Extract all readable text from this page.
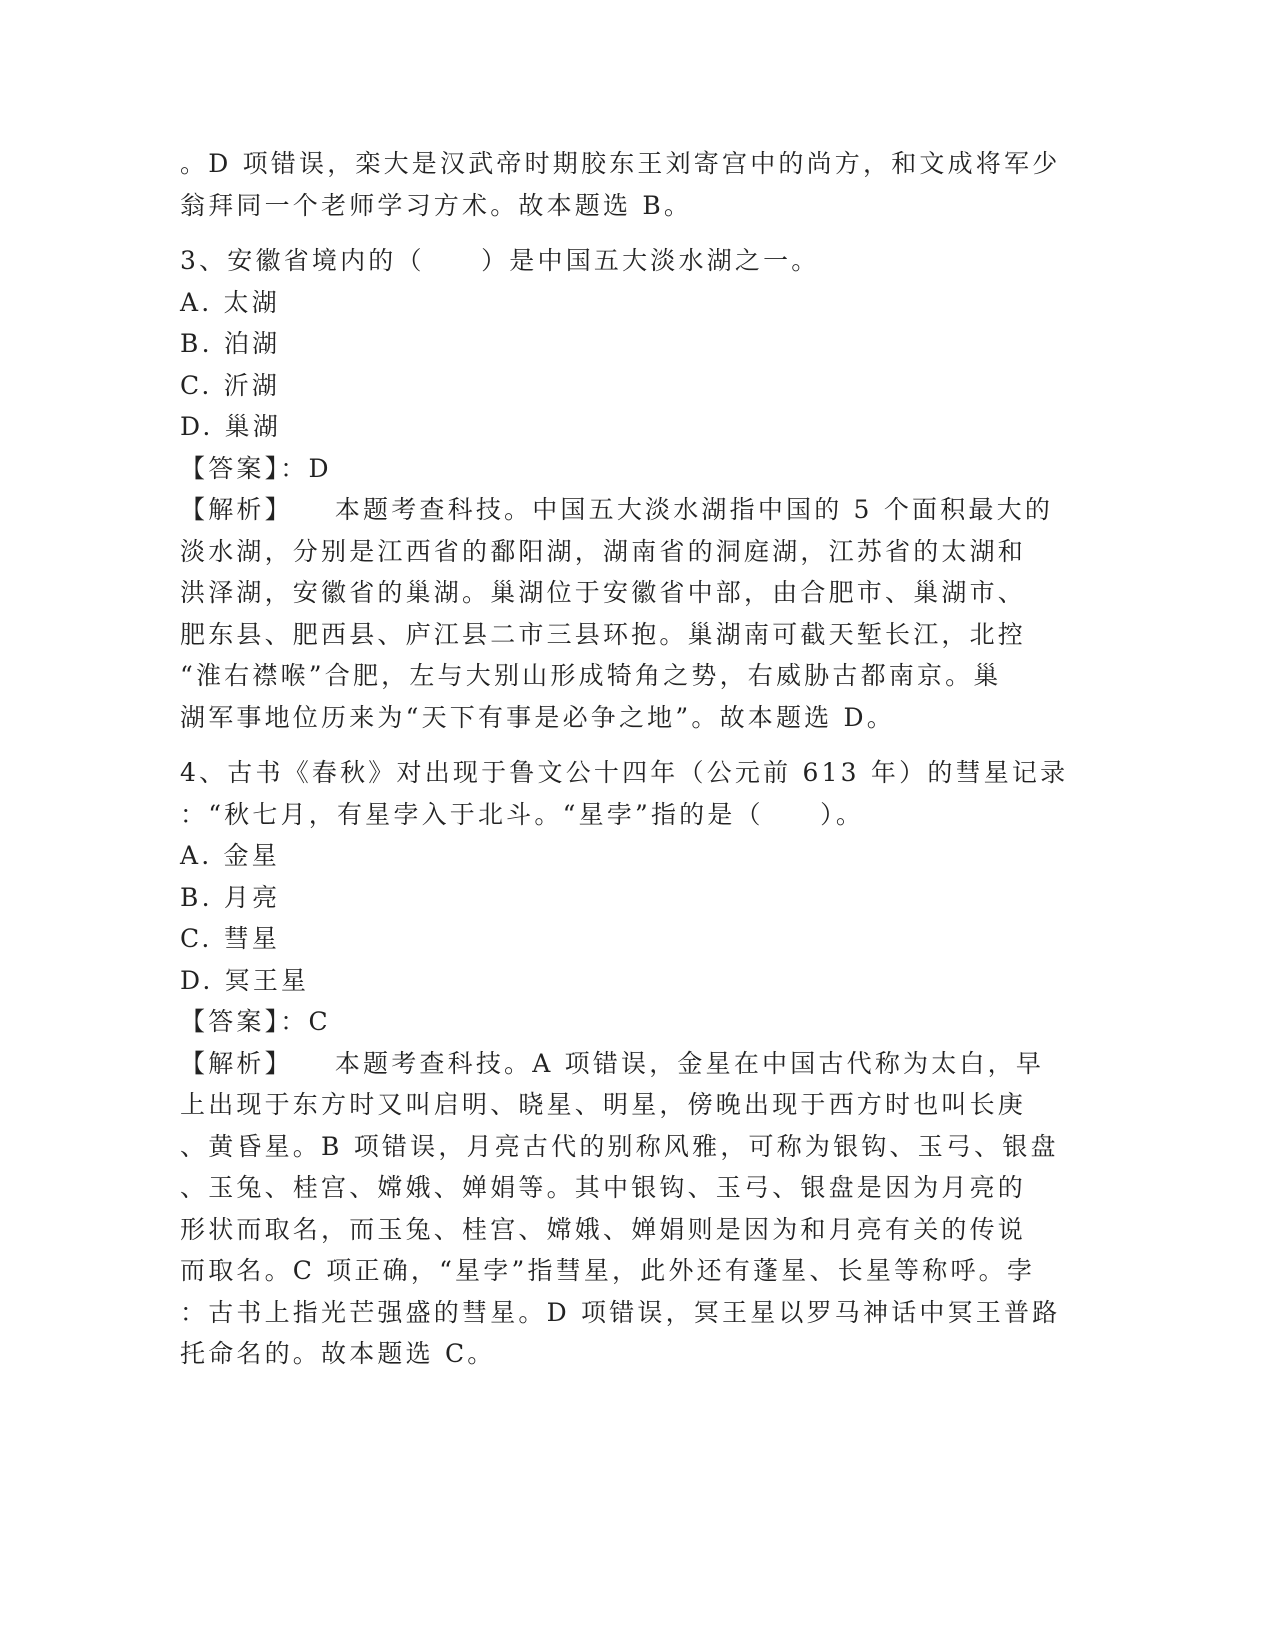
。D 项错误，栾大是汉武帝时期胶东王刘寄宫中的尚方，和文成将军少

翁拜同一个老师学习方术。故本题选 B。

3、安徽省境内的（　　）是中国五大淡水湖之一。

A. 太湖

B. 泊湖

C. 沂湖

D. 巢湖

【答案】：D

【解析】 本题考查科技。中国五大淡水湖指中国的 5 个面积最大的

淡水湖，分别是江西省的鄱阳湖，湖南省的洞庭湖，江苏省的太湖和

洪泽湖，安徽省的巢湖。巢湖位于安徽省中部，由合肥市、巢湖市、

肥东县、肥西县、庐江县二市三县环抱。巢湖南可截天堑长江，北控

“淮右襟喉”合肥，左与大别山形成犄角之势，右威胁古都南京。巢

湖军事地位历来为“天下有事是必争之地”。故本题选 D。

4、古书《春秋》对出现于鲁文公十四年（公元前 613 年）的彗星记录

：“秋七月，有星孛入于北斗。“星孛”指的是（　　）。

A. 金星

B. 月亮

C. 彗星

D. 冥王星

【答案】：C

【解析】 本题考查科技。A 项错误，金星在中国古代称为太白，早

上出现于东方时又叫启明、晓星、明星，傍晚出现于西方时也叫长庚

、黄昏星。B 项错误，月亮古代的别称风雅，可称为银钩、玉弓、银盘

、玉兔、桂宫、嫦娥、婵娟等。其中银钩、玉弓、银盘是因为月亮的

形状而取名，而玉兔、桂宫、嫦娥、婵娟则是因为和月亮有关的传说

而取名。C 项正确，“星孛”指彗星，此外还有蓬星、长星等称呼。孛

：古书上指光芒强盛的彗星。D 项错误，冥王星以罗马神话中冥王普路

托命名的。故本题选 C。
